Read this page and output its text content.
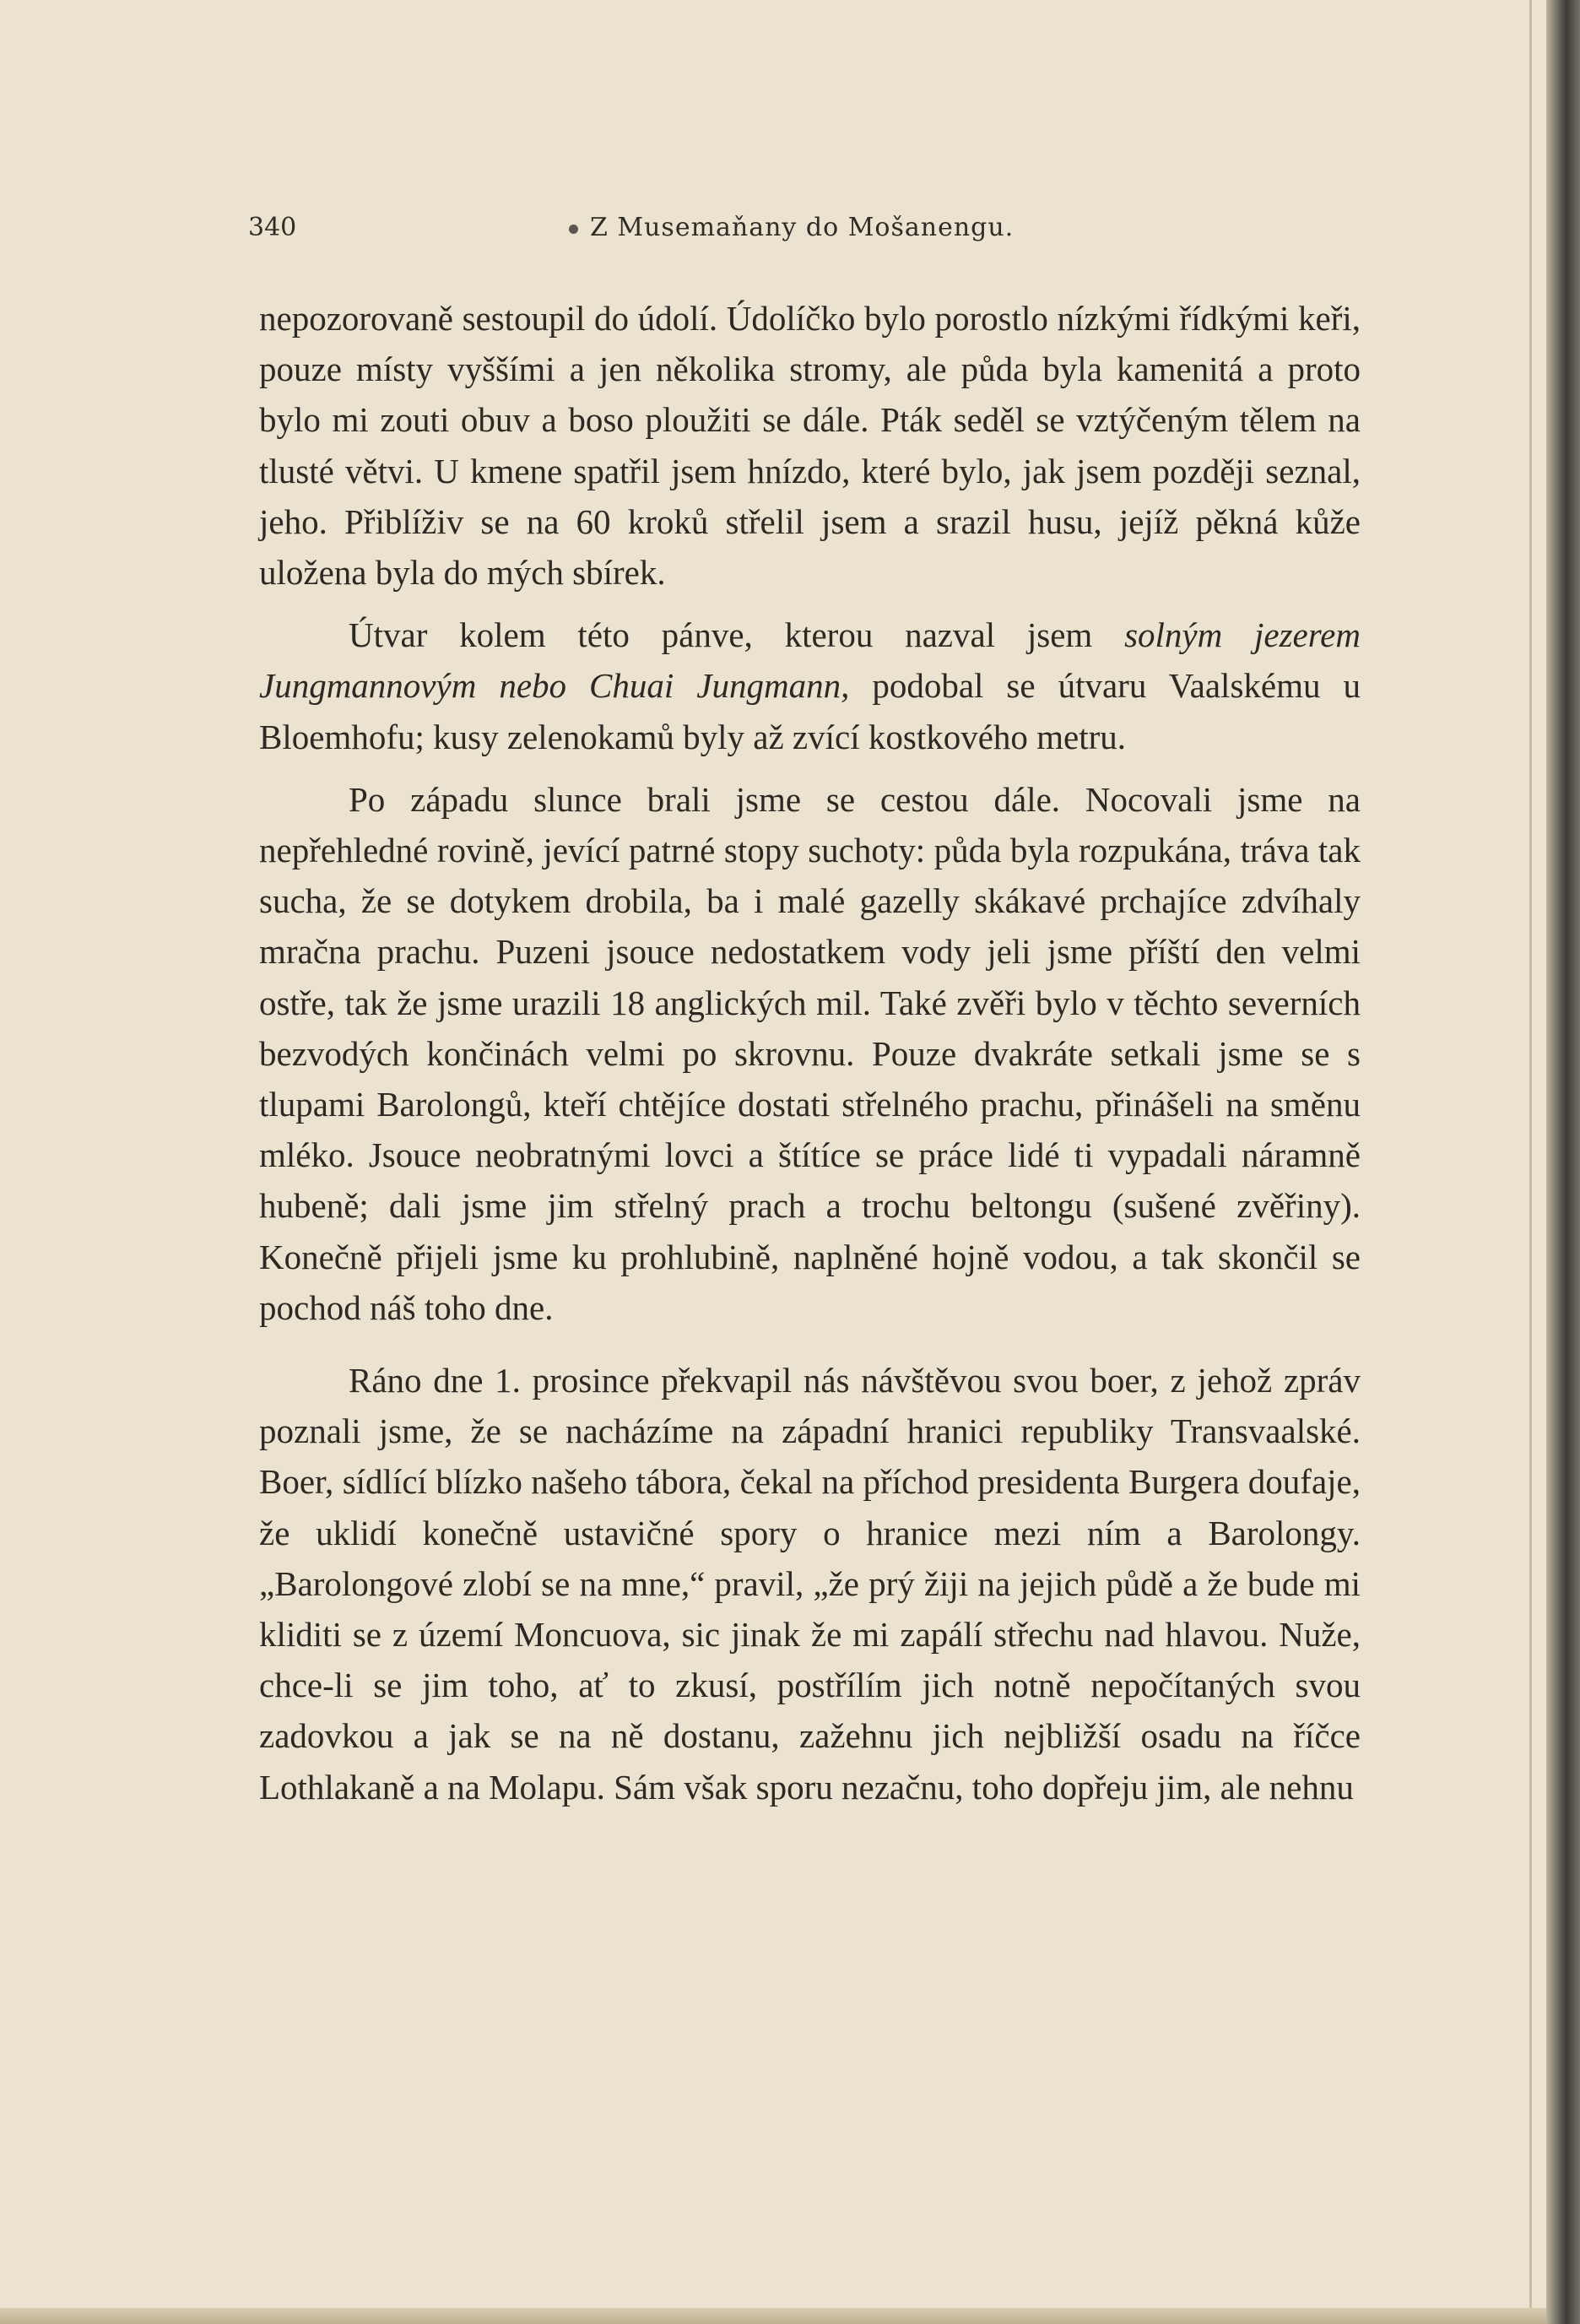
340	Z Musemaňany do Mošanengu.

nepozorovaně sestoupil do údolí. Údolíčko bylo porostlo nízkými řídkými keři, pouze místy vyššími a jen několika stromy, ale půda byla kamenitá a proto bylo mi zouti obuv a boso ploužiti se dále. Pták seděl se vztýčeným tělem na tlusté větvi. U kmene spatřil jsem hnízdo, které bylo, jak jsem později seznal, jeho. Přiblíživ se na 60 kroků střelil jsem a srazil husu, jejíž pěkná kůže uložena byla do mých sbírek.

Útvar kolem této pánve, kterou nazval jsem solným jezerem Jungmannovým nebo Chuai Jungmann, podobal se útvaru Vaalskému u Bloemhofu; kusy zelenokamů byly až zvící kostkového metru.

Po západu slunce brali jsme se cestou dále. Nocovali jsme na nepřehledné rovině, jevící patrné stopy suchoty: půda byla rozpukána, tráva tak sucha, že se dotykem drobila, ba i malé gazelly skákavé prchajíce zdvíhaly mračna prachu. Puzeni jsouce nedostatkem vody jeli jsme příští den velmi ostře, tak že jsme urazili 18 anglických mil. Také zvěři bylo v těchto severních bezvodých končinách velmi po skrovnu. Pouze dvakráte setkali jsme se s tlupami Barolongů, kteří chtějíce dostati střelného prachu, přinášeli na směnu mléko. Jsouce neobratnými lovci a štítíce se práce lidé ti vypadali náramně hubeně; dali jsme jim střelný prach a trochu beltongu (sušené zvěřiny). Konečně přijeli jsme ku prohlubině, naplněné hojně vodou, a tak skončil se pochod náš toho dne.

Ráno dne 1. prosince překvapil nás návštěvou svou boer, z jehož zpráv poznali jsme, že se nacházíme na západní hranici republiky Transvaalské. Boer, sídlící blízko našeho tábora, čekal na příchod presidenta Burgera doufaje, že uklidí konečně ustavičné spory o hranice mezi ním a Barolongy. „Barolongové zlobí se na mne,“ pravil, „že prý žiji na jejich půdě a že bude mi kliditi se z území Moncuova, sic jinak že mi zapálí střechu nad hlavou. Nuže, chce-li se jim toho, ať to zkusí, postřílím jich notně nepočítaných svou zadovkou a jak se na ně dostanu, zažehnu jich nejbližší osadu na říčce Lothlakaně a na Molapu. Sám však sporu nezačnu, toho dopřeju jim, ale nehnu
